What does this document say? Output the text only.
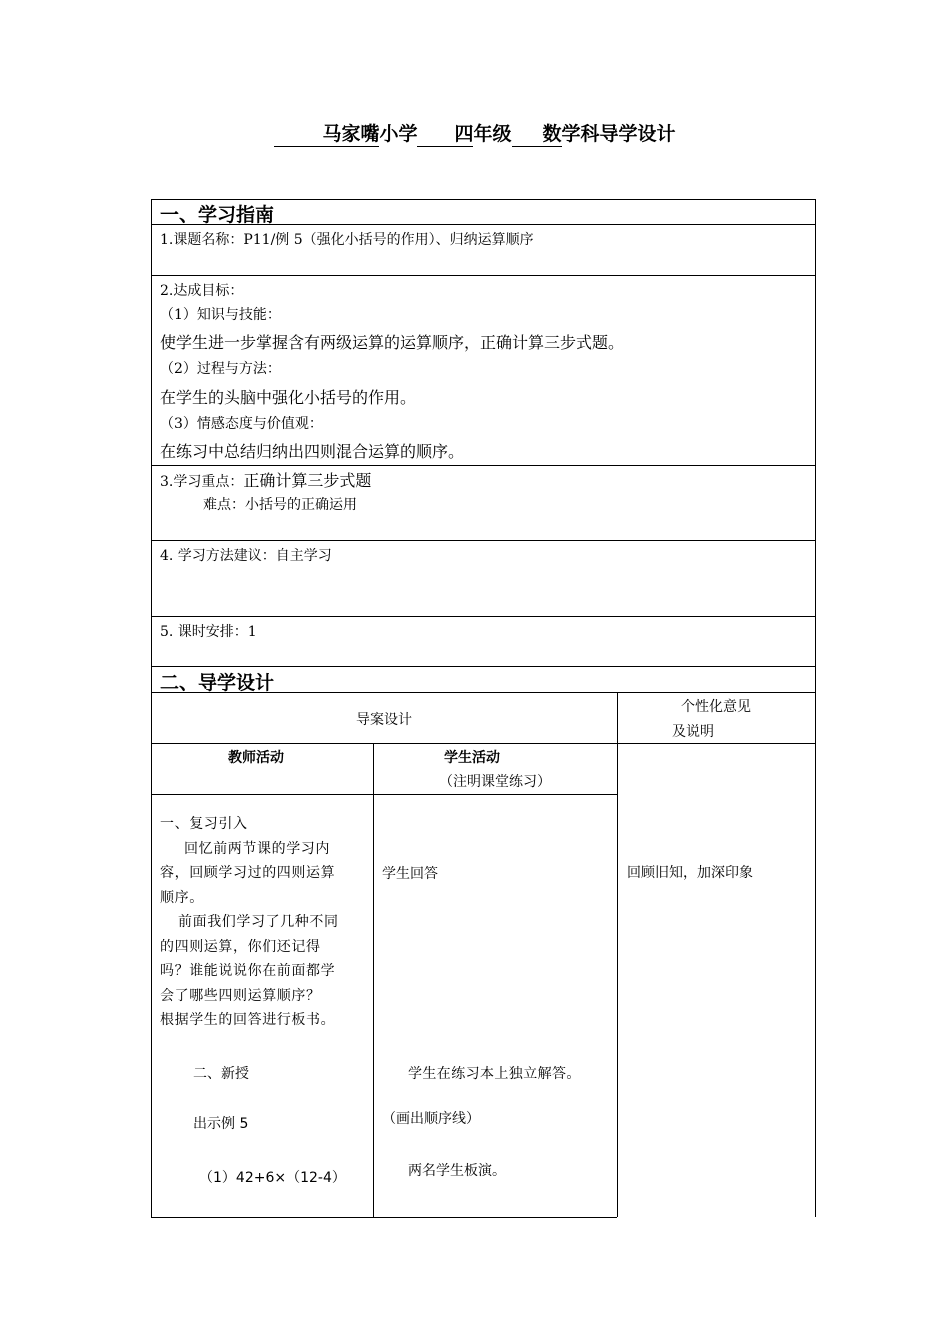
马家嘴小学 四年级 数学科导学设计
一、学习指南
1.课题名称：P11/例 5（强化小括号的作用）、归纳运算顺序
2.达成目标：
（1）知识与技能：
使学生进一步掌握含有两级运算的运算顺序，正确计算三步式题。
（2）过程与方法：
在学生的头脑中强化小括号的作用。
（3）情感态度与价值观：
在练习中总结归纳出四则混合运算的顺序。
3.学习重点：正确计算三步式题
难点：小括号的正确运用
4. 学习方法建议：自主学习
5. 课时安排：1
二、导学设计
导案设计
个性化意见
及说明
教师活动	学生活动
（注明课堂练习）
一、复习引入
回忆前两节课的学习内
容，回顾学习过的四则运算
顺序。
前面我们学习了几种不同
的四则运算，你们还记得
吗？谁能说说你在前面都学
会了哪些四则运算顺序？
根据学生的回答进行板书。
二、新授
出示例 5
（1）42+6×（12-4）
学生回答
学生在练习本上独立解答。
（画出顺序线）
两名学生板演。
回顾旧知，加深印象
